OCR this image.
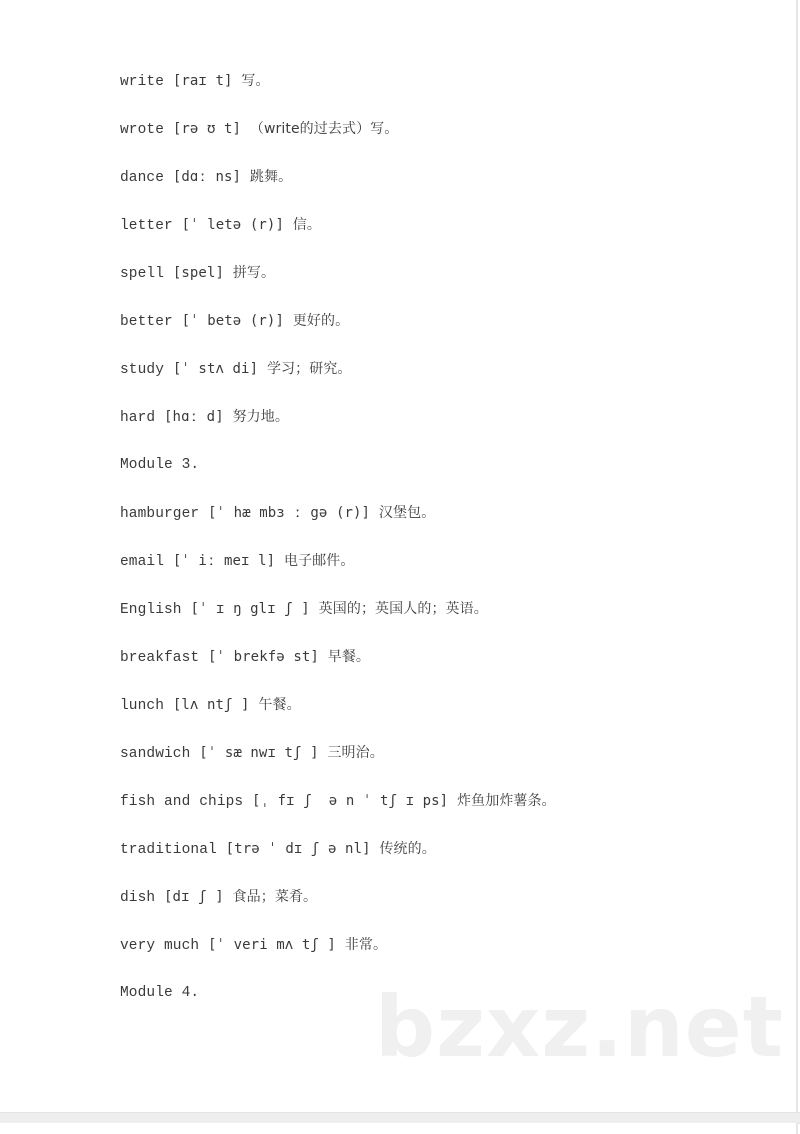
write [raɪ t] 写。
wrote [rə ʊ t] （write的过去式）写。
dance [dɑː ns] 跳舞。
letter [ˈ letə (r)] 信。
spell [spel] 拼写。
better [ˈ betə (r)] 更好的。
study [ˈ stʌ di] 学习；研究。
hard [hɑː d] 努力地。
Module 3.
hamburger [ˈ hæ mbɜ ː gə (r)] 汉堡包。
email [ˈ iː meɪ l] 电子邮件。
English [ˈ ɪ ŋ glɪ ʃ ] 英国的；英国人的；英语。
breakfast [ˈ brekfə st] 早餐。
lunch [lʌ ntʃ ] 午餐。
sandwich [ˈ sæ nwɪ tʃ ] 三明治。
fish and chips [ˌ fɪ ʃ  ə n ˈ tʃ ɪ ps] 炸鱼加炸薯条。
traditional [trə ˈ dɪ ʃ ə nl] 传统的。
dish [dɪ ʃ ] 食品；菜肴。
very much [ˈ veri mʌ tʃ ] 非常。
Module 4.	bzxz.net
